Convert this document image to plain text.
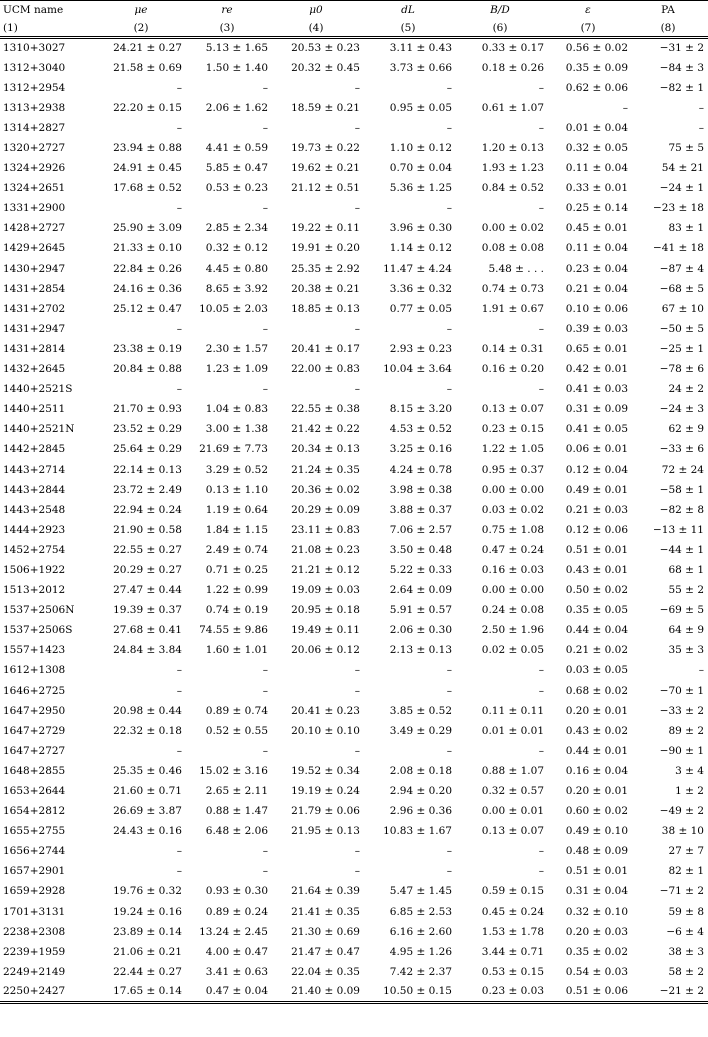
UCM name	μe	re	μ0	dL	B/D	ε	PA
(1)	(2)	(3)	(4)	(5)	(6)	(7)	(8)
1310+3027	24.21 ± 0.27	5.13 ± 1.65	20.53 ± 0.23	3.11 ± 0.43	0.33 ± 0.17	0.56 ± 0.02	−31 ± 2
1312+3040	21.58 ± 0.69	1.50 ± 1.40	20.32 ± 0.45	3.73 ± 0.66	0.18 ± 0.26	0.35 ± 0.09	−84 ± 3
1312+2954	–	–	–	–	–	0.62 ± 0.06	−82 ± 1
1313+2938	22.20 ± 0.15	2.06 ± 1.62	18.59 ± 0.21	0.95 ± 0.05	0.61 ± 1.07	–	–
1314+2827	–	–	–	–	–	0.01 ± 0.04	–
1320+2727	23.94 ± 0.88	4.41 ± 0.59	19.73 ± 0.22	1.10 ± 0.12	1.20 ± 0.13	0.32 ± 0.05	75 ± 5
1324+2926	24.91 ± 0.45	5.85 ± 0.47	19.62 ± 0.21	0.70 ± 0.04	1.93 ± 1.23	0.11 ± 0.04	54 ± 21
1324+2651	17.68 ± 0.52	0.53 ± 0.23	21.12 ± 0.51	5.36 ± 1.25	0.84 ± 0.52	0.33 ± 0.01	−24 ± 1
1331+2900	–	–	–	–	–	0.25 ± 0.14	−23 ± 18
1428+2727	25.90 ± 3.09	2.85 ± 2.34	19.22 ± 0.11	3.96 ± 0.30	0.00 ± 0.02	0.45 ± 0.01	83 ± 1
1429+2645	21.33 ± 0.10	0.32 ± 0.12	19.91 ± 0.20	1.14 ± 0.12	0.08 ± 0.08	0.11 ± 0.04	−41 ± 18
1430+2947	22.84 ± 0.26	4.45 ± 0.80	25.35 ± 2.92	11.47 ± 4.24	5.48 ± . . .	0.23 ± 0.04	−87 ± 4
1431+2854	24.16 ± 0.36	8.65 ± 3.92	20.38 ± 0.21	3.36 ± 0.32	0.74 ± 0.73	0.21 ± 0.04	−68 ± 5
1431+2702	25.12 ± 0.47	10.05 ± 2.03	18.85 ± 0.13	0.77 ± 0.05	1.91 ± 0.67	0.10 ± 0.06	67 ± 10
1431+2947	–	–	–	–	–	0.39 ± 0.03	−50 ± 5
1431+2814	23.38 ± 0.19	2.30 ± 1.57	20.41 ± 0.17	2.93 ± 0.23	0.14 ± 0.31	0.65 ± 0.01	−25 ± 1
1432+2645	20.84 ± 0.88	1.23 ± 1.09	22.00 ± 0.83	10.04 ± 3.64	0.16 ± 0.20	0.42 ± 0.01	−78 ± 6
1440+2521S	–	–	–	–	–	0.41 ± 0.03	24 ± 2
1440+2511	21.70 ± 0.93	1.04 ± 0.83	22.55 ± 0.38	8.15 ± 3.20	0.13 ± 0.07	0.31 ± 0.09	−24 ± 3
1440+2521N	23.52 ± 0.29	3.00 ± 1.38	21.42 ± 0.22	4.53 ± 0.52	0.23 ± 0.15	0.41 ± 0.05	62 ± 9
1442+2845	25.64 ± 0.29	21.69 ± 7.73	20.34 ± 0.13	3.25 ± 0.16	1.22 ± 1.05	0.06 ± 0.01	−33 ± 6
1443+2714	22.14 ± 0.13	3.29 ± 0.52	21.24 ± 0.35	4.24 ± 0.78	0.95 ± 0.37	0.12 ± 0.04	72 ± 24
1443+2844	23.72 ± 2.49	0.13 ± 1.10	20.36 ± 0.02	3.98 ± 0.38	0.00 ± 0.00	0.49 ± 0.01	−58 ± 1
1443+2548	22.94 ± 0.24	1.19 ± 0.64	20.29 ± 0.09	3.88 ± 0.37	0.03 ± 0.02	0.21 ± 0.03	−82 ± 8
1444+2923	21.90 ± 0.58	1.84 ± 1.15	23.11 ± 0.83	7.06 ± 2.57	0.75 ± 1.08	0.12 ± 0.06	−13 ± 11
1452+2754	22.55 ± 0.27	2.49 ± 0.74	21.08 ± 0.23	3.50 ± 0.48	0.47 ± 0.24	0.51 ± 0.01	−44 ± 1
1506+1922	20.29 ± 0.27	0.71 ± 0.25	21.21 ± 0.12	5.22 ± 0.33	0.16 ± 0.03	0.43 ± 0.01	68 ± 1
1513+2012	27.47 ± 0.44	1.22 ± 0.99	19.09 ± 0.03	2.64 ± 0.09	0.00 ± 0.00	0.50 ± 0.02	55 ± 2
1537+2506N	19.39 ± 0.37	0.74 ± 0.19	20.95 ± 0.18	5.91 ± 0.57	0.24 ± 0.08	0.35 ± 0.05	−69 ± 5
1537+2506S	27.68 ± 0.41	74.55 ± 9.86	19.49 ± 0.11	2.06 ± 0.30	2.50 ± 1.96	0.44 ± 0.04	64 ± 9
1557+1423	24.84 ± 3.84	1.60 ± 1.01	20.06 ± 0.12	2.13 ± 0.13	0.02 ± 0.05	0.21 ± 0.02	35 ± 3
1612+1308	–	–	–	–	–	0.03 ± 0.05	–
1646+2725	–	–	–	–	–	0.68 ± 0.02	−70 ± 1
1647+2950	20.98 ± 0.44	0.89 ± 0.74	20.41 ± 0.23	3.85 ± 0.52	0.11 ± 0.11	0.20 ± 0.01	−33 ± 2
1647+2729	22.32 ± 0.18	0.52 ± 0.55	20.10 ± 0.10	3.49 ± 0.29	0.01 ± 0.01	0.43 ± 0.02	89 ± 2
1647+2727	–	–	–	–	–	0.44 ± 0.01	−90 ± 1
1648+2855	25.35 ± 0.46	15.02 ± 3.16	19.52 ± 0.34	2.08 ± 0.18	0.88 ± 1.07	0.16 ± 0.04	3 ± 4
1653+2644	21.60 ± 0.71	2.65 ± 2.11	19.19 ± 0.24	2.94 ± 0.20	0.32 ± 0.57	0.20 ± 0.01	1 ± 2
1654+2812	26.69 ± 3.87	0.88 ± 1.47	21.79 ± 0.06	2.96 ± 0.36	0.00 ± 0.01	0.60 ± 0.02	−49 ± 2
1655+2755	24.43 ± 0.16	6.48 ± 2.06	21.95 ± 0.13	10.83 ± 1.67	0.13 ± 0.07	0.49 ± 0.10	38 ± 10
1656+2744	–	–	–	–	–	0.48 ± 0.09	27 ± 7
1657+2901	–	–	–	–	–	0.51 ± 0.01	82 ± 1
1659+2928	19.76 ± 0.32	0.93 ± 0.30	21.64 ± 0.39	5.47 ± 1.45	0.59 ± 0.15	0.31 ± 0.04	−71 ± 2
1701+3131	19.24 ± 0.16	0.89 ± 0.24	21.41 ± 0.35	6.85 ± 2.53	0.45 ± 0.24	0.32 ± 0.10	59 ± 8
2238+2308	23.89 ± 0.14	13.24 ± 2.45	21.30 ± 0.69	6.16 ± 2.60	1.53 ± 1.78	0.20 ± 0.03	−6 ± 4
2239+1959	21.06 ± 0.21	4.00 ± 0.47	21.47 ± 0.47	4.95 ± 1.26	3.44 ± 0.71	0.35 ± 0.02	38 ± 3
2249+2149	22.44 ± 0.27	3.41 ± 0.63	22.04 ± 0.35	7.42 ± 2.37	0.53 ± 0.15	0.54 ± 0.03	58 ± 2
2250+2427	17.65 ± 0.14	0.47 ± 0.04	21.40 ± 0.09	10.50 ± 0.15	0.23 ± 0.03	0.51 ± 0.06	−21 ± 2
